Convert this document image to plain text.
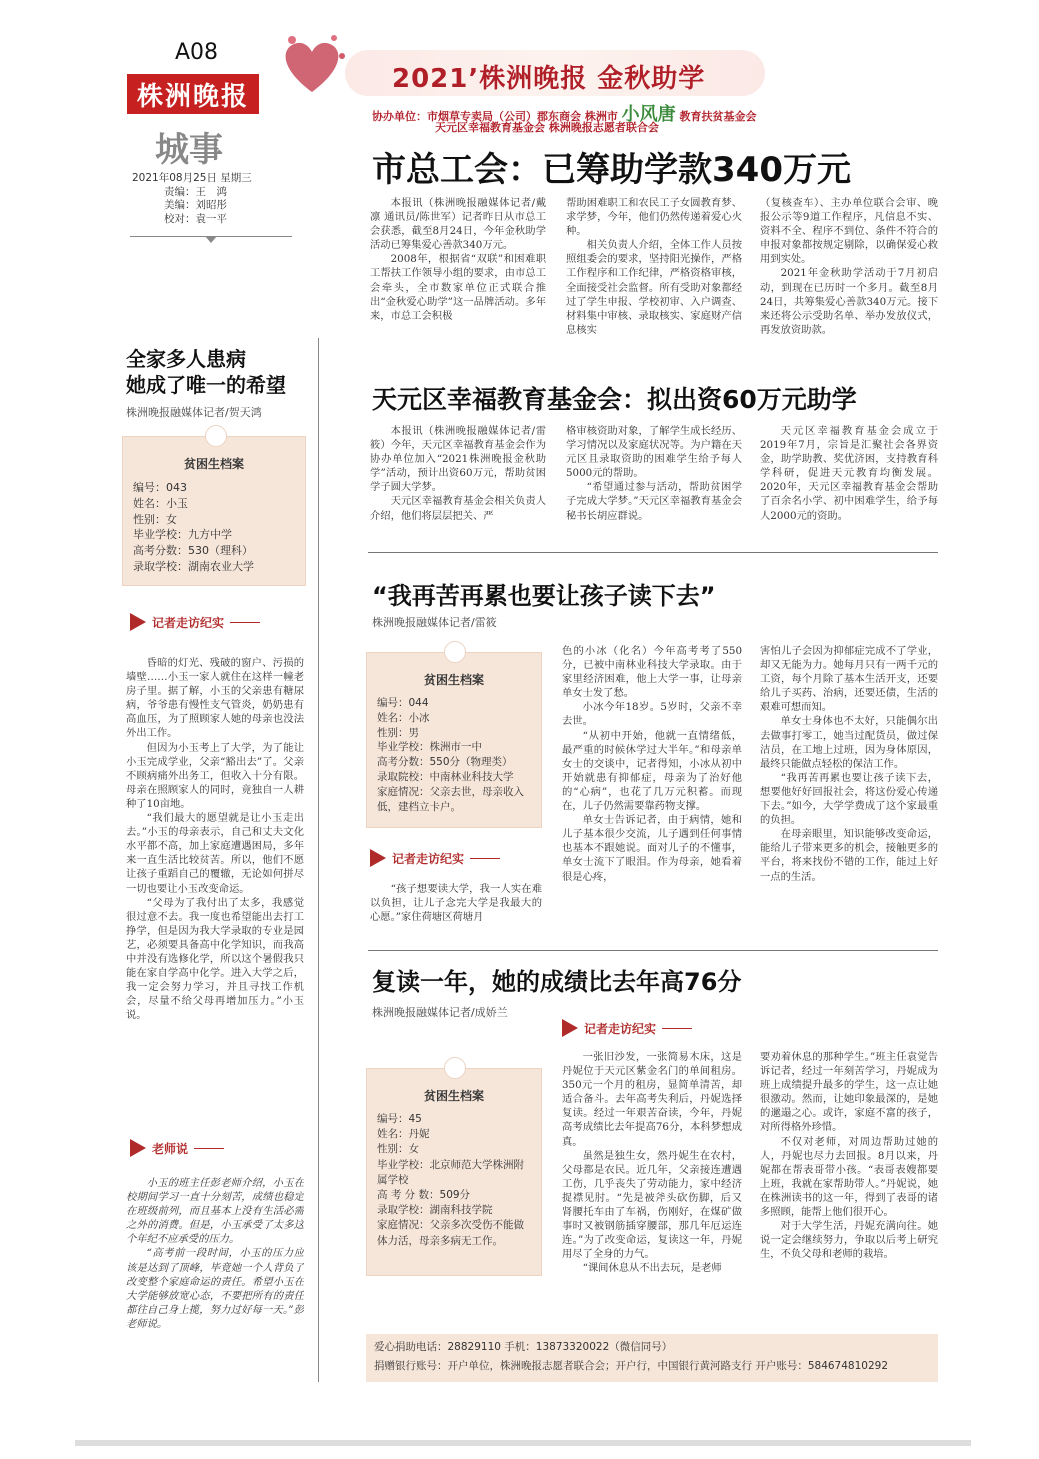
A08
株洲晚报
城事
2021年08月25日 星期三
责编：王　鸿
美编：刘昭彤
校对：袁一平
2021’株洲晚报 金秋助学
协办单位：市烟草专卖局（公司）郡东商会 株洲市 小风唐 教育扶贫基金会
天元区幸福教育基金会 株洲晚报志愿者联合会
市总工会：已筹助学款340万元

本报讯（株洲晚报融媒体记者/戴凛 通讯员/陈世军）记者昨日从市总工会获悉，截至8月24日，今年金秋助学活动已筹集爱心善款340万元。

2008年，根据省“双联”和困难职工帮扶工作领导小组的要求，由市总工会牵头，全市数家单位正式联合推出“金秋爱心助学”这一品牌活动。多年来，市总工会积极

帮助困难职工和农民工子女圆教育梦、求学梦，今年，他们仍然传递着爱心火种。

相关负责人介绍，全体工作人员按照组委会的要求，坚持阳光操作，严格工作程序和工作纪律，严格资格审核，全面接受社会监督。所有受助对象都经过了学生申报、学校初审、入户调查、材料集中审核、录取核实、家庭财产信息核实

（复核查车）、主办单位联合会审、晚报公示等9道工作程序，凡信息不实、资料不全、程序不到位、条件不符合的申报对象都按规定剔除，以确保爱心救用到实处。

2021年金秋助学活动于7月初启动，到现在已历时一个多月。截至8月24日，共筹集爱心善款340万元。接下来还将公示受助名单、举办发放仪式，再发放资助款。

天元区幸福教育基金会：拟出资60万元助学

本报讯（株洲晚报融媒体记者/雷筱）今年，天元区幸福教育基金会作为协办单位加入“2021株洲晚报金秋助学”活动，预计出资60万元，帮助贫困学子圆大学梦。

天元区幸福教育基金会相关负责人介绍，他们将层层把关、严

格审核资助对象，了解学生成长经历、学习情况以及家庭状况等。为户籍在天元区且录取资助的困难学生给予每人5000元的帮助。

“希望通过参与活动，帮助贫困学子完成大学梦。”天元区幸福教育基金会秘书长胡应群说。

天元区幸福教育基金会成立于2019年7月，宗旨是汇聚社会各界资金，助学助教、奖优济困，支持教育科学科研，促进天元教育均衡发展。2020年，天元区幸福教育基金会帮助了百余名小学、初中困难学生，给予每人2000元的资助。

全家多人患病
她成了唯一的希望
株洲晚报融媒体记者/贺天鸿
贫困生档案
编号：043
姓名：小玉
性别：女
毕业学校：九方中学
高考分数：530（理科）
录取学校：湖南农业大学
记者走访纪实

昏暗的灯光、残破的窗户、污损的墙壁……小玉一家人就住在这样一幢老房子里。据了解，小玉的父亲患有糖尿病，爷爷患有慢性支气管炎，奶奶患有高血压，为了照顾家人她的母亲也没法外出工作。

但因为小玉考上了大学，为了能让小玉完成学业，父亲“豁出去”了。父亲不顾病痛外出务工，但收入十分有限。母亲在照顾家人的同时，竟独自一人耕种了10亩地。

“我们最大的愿望就是让小玉走出去。”小玉的母亲表示，自己和丈夫文化水平都不高，加上家庭遭遇困局，多年来一直生活比较贫苦。所以，他们不愿让孩子重蹈自己的覆辙，无论如何拼尽一切也要让小玉改变命运。

“父母为了我付出了太多，我感觉很过意不去。我一度也希望能出去打工挣学，但是因为我大学录取的专业是园艺，必须要具备高中化学知识，而我高中并没有选修化学，所以这个暑假我只能在家自学高中化学。进入大学之后，我一定会努力学习，并且寻找工作机会，尽量不给父母再增加压力。”小玉说。

老师说

小玉的班主任彭老师介绍，小玉在校期间学习一直十分刻苦，成绩也稳定在班级前列，而且基本上没有生活必需之外的消费。但是，小玉承受了太多这个年纪不应承受的压力。

“高考前一段时间，小玉的压力应该是达到了顶峰，毕竟她一个人背负了改变整个家庭命运的责任。希望小玉在大学能够放宽心态，不要把所有的责任都往自己身上揽，努力过好每一天。”彭老师说。

“我再苦再累也要让孩子读下去”
株洲晚报融媒体记者/雷筱
贫困生档案
编号：044
姓名：小冰
性别：男
毕业学校：株洲市一中
高考分数：550分（物理类）
录取院校：中南林业科技大学
家庭情况：父亲去世，母亲收入低，建档立卡户。
记者走访纪实

“孩子想要读大学，我一人实在难以负担，让儿子念完大学是我最大的心愿。”家住荷塘区荷塘月

色的小冰（化名）今年高考考了550分，已被中南林业科技大学录取。由于家里经济困难，他上大学一事，让母亲单女士发了愁。

小冰今年18岁。5岁时，父亲不幸去世。

“从初中开始，他就一直情绪低，最严重的时候休学过大半年。”和母亲单女士的交谈中，记者得知，小冰从初中开始就患有抑郁症，母亲为了治好他的“心病”，也花了几万元积蓄。而现在，儿子仍然需要靠药物支撑。

单女士告诉记者，由于病情，她和儿子基本很少交流，儿子遇到任何事情也基本不跟她说。面对儿子的不懂事，单女士流下了眼泪。作为母亲，她看着很是心疼，

害怕儿子会因为抑郁症完成不了学业，却又无能为力。她每月只有一两千元的工资，每个月除了基本生活开支，还要给儿子买药、治病，还要还债，生活的艰难可想而知。

单女士身体也不太好，只能偶尔出去做事打零工，她当过配货员，做过保洁员，在工地上过班，因为身体原因，最终只能做点轻松的保洁工作。

“我再苦再累也要让孩子读下去，想要他好好回报社会，将这份爱心传递下去。”如今，大学学费成了这个家最重的负担。

在母亲眼里，知识能够改变命运，能给儿子带来更多的机会，接触更多的平台，将来找份不错的工作，能过上好一点的生活。

复读一年，她的成绩比去年高76分
株洲晚报融媒体记者/成娇兰
记者走访纪实
贫困生档案
编号：45
姓名：丹妮
性别：女
毕业学校：北京师范大学株洲附属学校
高 考 分 数：509分
录取学校：湖南科技学院
家庭情况：父亲多次受伤不能做体力活，母亲多病无工作。

一张旧沙发，一张简易木床，这是丹妮位于天元区紫金名门的单间租房。350元一个月的租房，显简单清苦，却适合备斗。去年高考失利后，丹妮选择复读。经过一年艰苦奋读，今年，丹妮高考成绩比去年提高76分，本科梦想成真。

虽然是独生女，然丹妮生在农村，父母都是农民。近几年，父亲接连遭遇工伤，几乎丧失了劳动能力，家中经济捉襟见肘。“先是被斧头砍伤脚，后又肾腰托车由了车祸，伤刚好，在煤矿做事时又被钢筋插穿腰部，那几年厄运连连。”为了改变命运，复读这一年，丹妮用尽了全身的力气。

“课间休息从不出去玩，是老师

要劝着休息的那种学生。”班主任袁觉告诉记者，经过一年刻苦学习，丹妮成为班上成绩提升最多的学生，这一点让她很激动。然而，让她印象最深的，是她的邋遢之心。或许，家庭不富的孩子，对所得格外珍惜。

不仅对老师，对周边帮助过她的人，丹妮也尽力去回报。8月以来，丹妮都在帮表哥带小孩。“表哥表嫂都要上班，我就在家帮助带人。”丹妮说，她在株洲读书的这一年，得到了表哥的诸多照顾，能帮上他们很开心。

对于大学生活，丹妮充满向往。她说一定会继续努力，争取以后考上研究生，不负父母和老师的栽培。

爱心捐助电话：28829110 手机：13873320022（微信同号）
捐赠银行账号：开户单位，株洲晚报志愿者联合会；开户行，中国银行黄河路支行 开户账号：584674810292
